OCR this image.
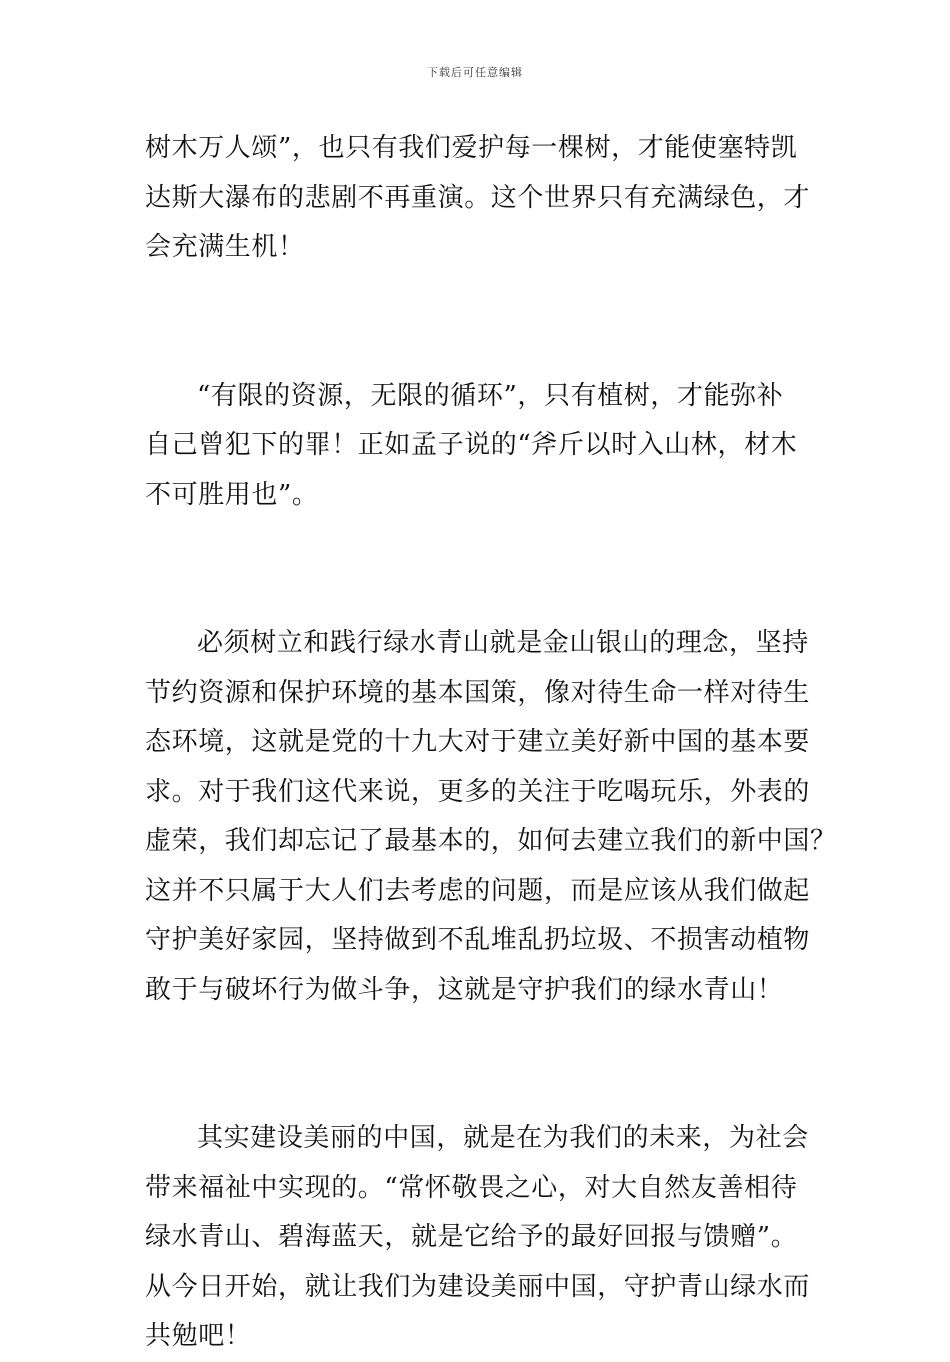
下载后可任意编辑
树木万人颂”，也只有我们爱护每一棵树，才能使塞特凯
达斯大瀑布的悲剧不再重演。这个世界只有充满绿色，才
会充满生机！
“有限的资源，无限的循环”，只有植树，才能弥补
自己曾犯下的罪！正如孟子说的“斧斤以时入山林，材木
不可胜用也”。
必须树立和践行绿水青山就是金山银山的理念，坚持
节约资源和保护环境的基本国策，像对待生命一样对待生
态环境，这就是党的十九大对于建立美好新中国的基本要
求。对于我们这代来说，更多的关注于吃喝玩乐，外表的
虚荣，我们却忘记了最基本的，如何去建立我们的新中国？
这并不只属于大人们去考虑的问题，而是应该从我们做起
守护美好家园，坚持做到不乱堆乱扔垃圾、不损害动植物
敢于与破坏行为做斗争，这就是守护我们的绿水青山！
其实建设美丽的中国，就是在为我们的未来，为社会
带来福祉中实现的。“常怀敬畏之心，对大自然友善相待
绿水青山、碧海蓝天，就是它给予的最好回报与馈赠”。
从今日开始，就让我们为建设美丽中国，守护青山绿水而
共勉吧！
